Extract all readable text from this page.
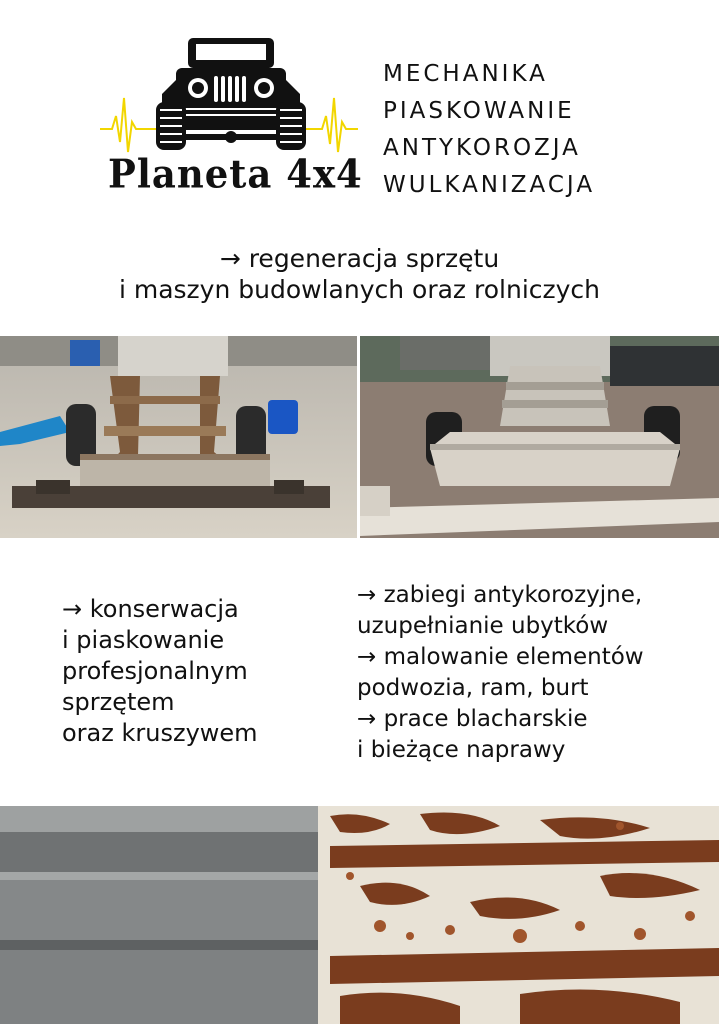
Planeta 4x4
MECHANIKA
PIASKOWANIE
ANTYKOROZJA
WULKANIZACJA
→ regeneracja sprzętu
i maszyn budowlanych oraz rolniczych
→ konserwacja
i piaskowanie
profesjonalnym
sprzętem
oraz kruszywem
→ zabiegi antykorozyjne,
uzupełnianie ubytków
→ malowanie elementów
podwozia, ram, burt
→ prace blacharskie
i bieżące naprawy
